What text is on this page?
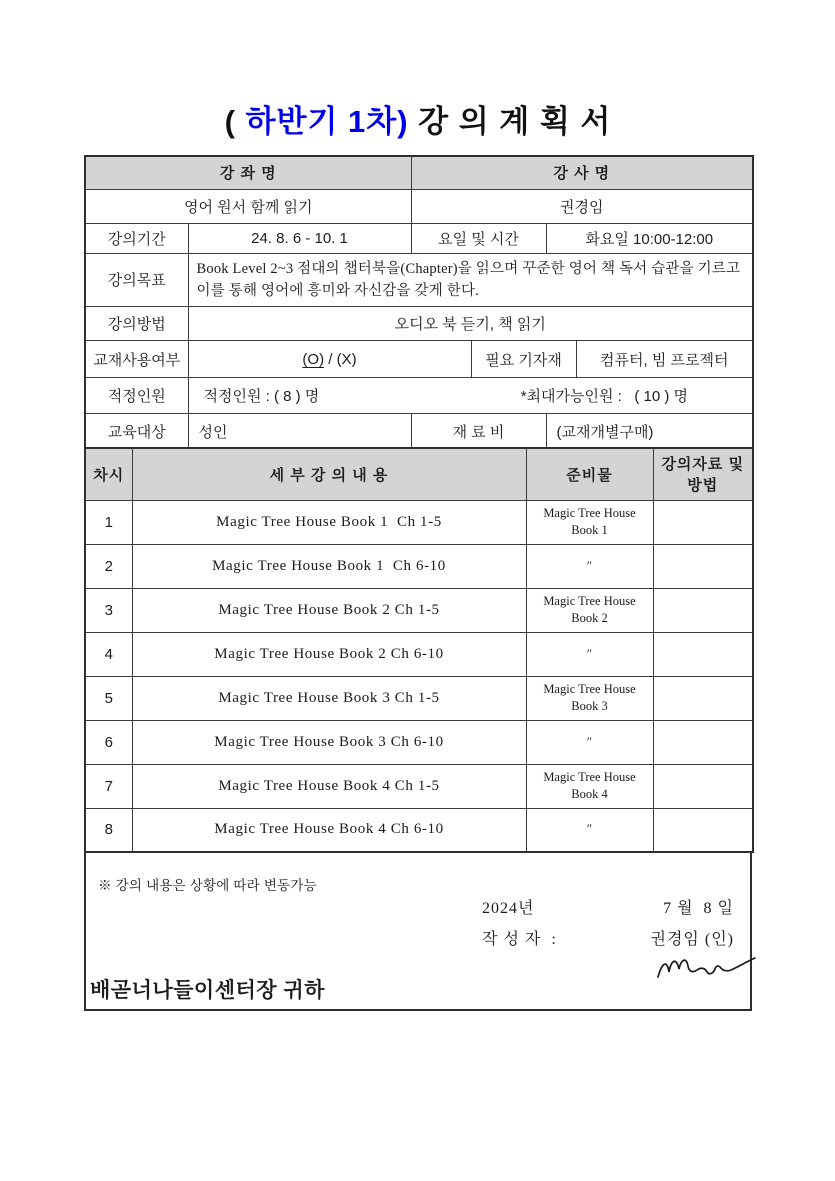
( 하반기 1차) 강 의 계 획 서
강 좌 명		강 사 명			
영어 원서 함께 읽기		권경임			
강의기간	24. 8. 6 - 10. 1	요일 및 시간		화요일 10:00-12:00	
강의목표	Book Level 2~3 점대의 챕터북을(Chapter)을 읽으며 꾸준한 영어 책 독서 습관을 기르고 이를 통해 영어에 흥미와 자신감을 갖게 한다.				
강의방법	오디오 북 듣기, 책 읽기				
교재사용여부	(O) / (X)		필요 기자재		컴퓨터, 빔 프로젝터
적정인원	적정인원 : ( 8 ) 명 *최대가능인원 :   ( 10 ) 명				

교육대상	성인	재 료 비		(교재개별구매)	
차시	세 부 강 의 내 용	준비물	강의자료 및 방법
1	Magic Tree House Book 1  Ch 1-5	Magic Tree House Book 1	
2	Magic Tree House Book 1  Ch 6-10	″	
3	Magic Tree House Book 2 Ch 1-5	Magic Tree House Book 2	
4	Magic Tree House Book 2 Ch 6-10	″	
5	Magic Tree House Book 3 Ch 1-5	Magic Tree House Book 3	
6	Magic Tree House Book 3 Ch 6-10	″	
7	Magic Tree House Book 4 Ch 1-5	Magic Tree House Book 4	
8	Magic Tree House Book 4 Ch 6-10	″	
※ 강의 내용은 상황에 따라 변동가능
2024년	7 월  8 일
작 성 자  :	권경임 (인)
배곧너나들이센터장 귀하
